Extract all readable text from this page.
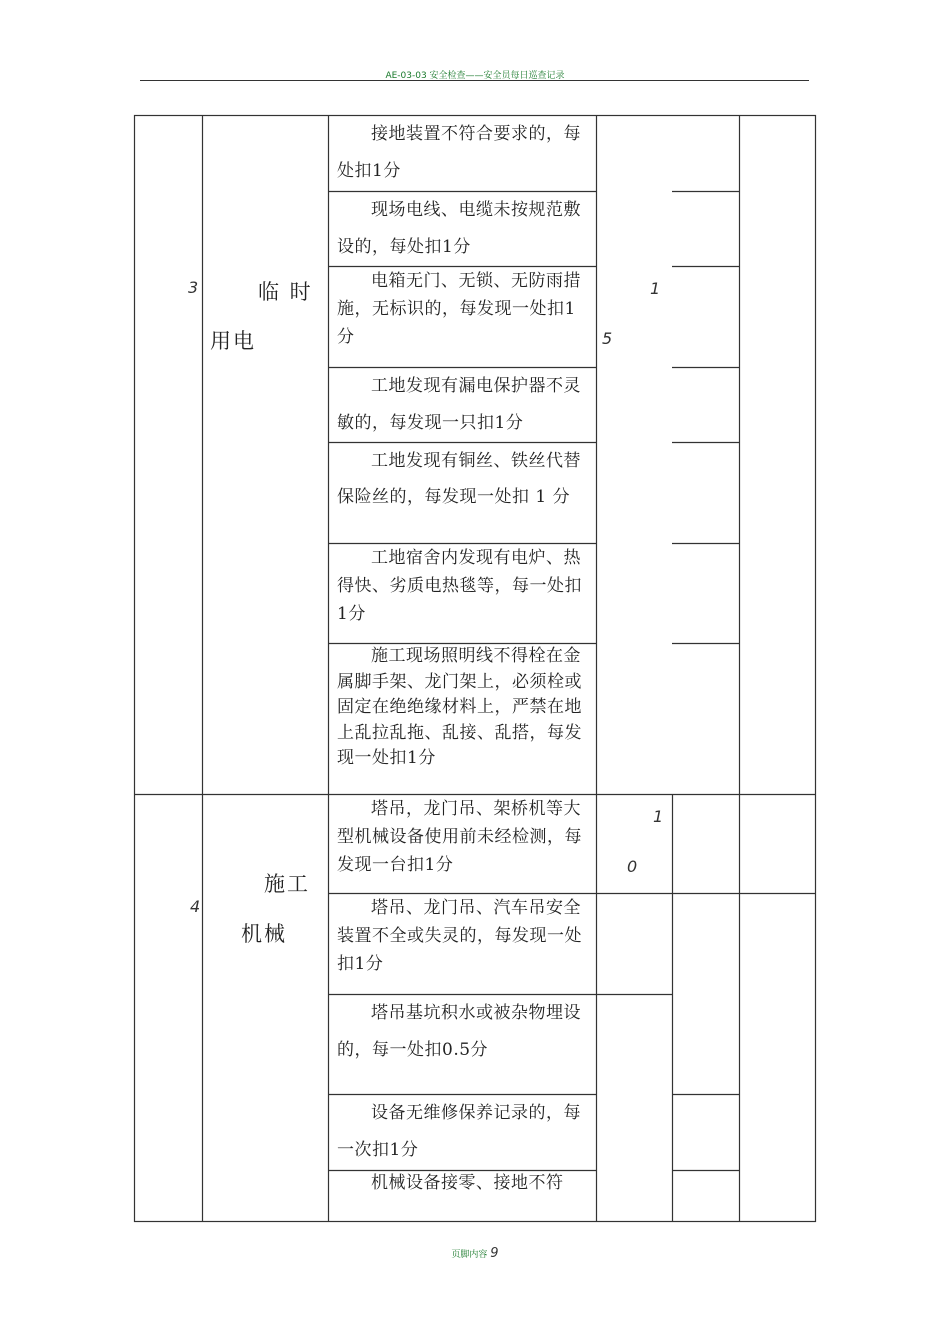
AE-03-03 安全检查——安全员每日巡查记录
3	临 时
用电
1
5
接地装置不符合要求的，每处扣1分
现场电线、电缆未按规范敷设的，每处扣1分
电箱无门、无锁、无防雨措施，无标识的，每发现一处扣1分
工地发现有漏电保护器不灵敏的，每发现一只扣1分
工地发现有铜丝、铁丝代替保险丝的，每发现一处扣 1 分
工地宿舍内发现有电炉、热得快、劣质电热毯等，每一处扣1分
施工现场照明线不得栓在金属脚手架、龙门架上，必须栓或固定在绝绝缘材料上，严禁在地上乱拉乱拖、乱接、乱搭，每发现一处扣1分
4
施工
机械
1
0
塔吊，龙门吊、架桥机等大型机械设备使用前未经检测，每发现一台扣1分
塔吊、龙门吊、汽车吊安全装置不全或失灵的，每发现一处扣1分
塔吊基坑积水或被杂物埋设的，每一处扣0.5分
设备无维修保养记录的，每一次扣1分
机械设备接零、接地不符
页脚内容 9
